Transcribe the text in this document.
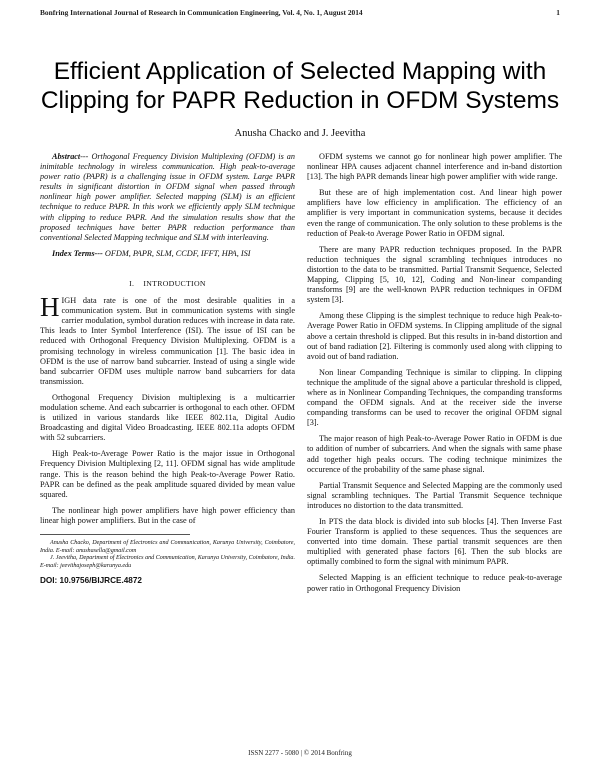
Bonfring International Journal of Research in Communication Engineering, Vol. 4, No. 1, August 2014	1
Efficient Application of Selected Mapping with
Clipping for PAPR Reduction in OFDM Systems
Anusha Chacko and J. Jeevitha

Abstract--- Orthogonal Frequency Division Multiplexing (OFDM) is an inimitable technology in wireless communication. High peak-to-average power ratio (PAPR) is a challenging issue in OFDM system. Large PAPR results in significant distortion in OFDM signal when passed through nonlinear high power amplifier. Selected mapping (SLM) is an efficient technique to reduce PAPR. In this work we efficiently apply SLM technique with clipping to reduce PAPR. And the simulation results show that the proposed techniques have better PAPR reduction performance than conventional Selected Mapping technique and SLM with interleaving.

Index Terms--- OFDM, PAPR, SLM, CCDF, IFFT, HPA, ISI

I. INTRODUCTION

HIGH data rate is one of the most desirable qualities in a communication system. But in communication systems with single carrier modulation, symbol duration reduces with increase in data rate. This leads to Inter Symbol Interference (ISI). The issue of ISI can be reduced with Orthogonal Frequency Division Multiplexing. OFDM is a promising technology in wireless communication [1]. The basic idea in OFDM is the use of narrow band subcarrier. Instead of using a single wide band subcarrier OFDM uses multiple narrow band subcarriers for data transmission.

Orthogonal Frequency Division multiplexing is a multicarrier modulation scheme. And each subcarrier is orthogonal to each other. OFDM is utilized in various standards like IEEE 802.11a, Digital Audio Broadcasting and digital Video Broadcasting. IEEE 802.11a adopts OFDM with 52 subcarriers.

High Peak-to-Average Power Ratio is the major issue in Orthogonal Frequency Division Multiplexing [2, 11]. OFDM signal has wide amplitude range. This is the reason behind the high Peak-to-Average Power Ratio. PAPR can be defined as the peak amplitude squared divided by mean value squared.

The nonlinear high power amplifiers have high power efficiency than linear high power amplifiers. But in the case of

Anusha Chacko, Department of Electronics and Communication, Karunya University, Coimbatore, India. E-mail: anushasella@gmail.com

J. Jeevitha, Department of Electronics and Communication, Karunya University, Coimbatore, India. E-mail: jeevithajoseph@karunya.edu

DOI: 10.9756/BIJRCE.4872

OFDM systems we cannot go for nonlinear high power amplifier. The nonlinear HPA causes adjacent channel interference and in-band distortion [13]. The high PAPR demands linear high power amplifier with wide range.

But these are of high implementation cost. And linear high power amplifiers have low efficiency in amplification. The efficiency of an amplifier is very important in communication systems, because it decides even the range of communication. The only solution to these problems is the reduction of Peak-to Average Power Ratio in OFDM signal.

There are many PAPR reduction techniques proposed. In the PAPR reduction techniques the signal scrambling techniques introduces no distortion to the data to be transmitted. Partial Transmit Sequence, Selected Mapping, Clipping [5, 10, 12], Coding and Non-linear companding transforms [9] are the well-known PAPR reduction techniques in OFDM system [3].

Among these Clipping is the simplest technique to reduce high Peak-to-Average Power Ratio in OFDM systems. In Clipping amplitude of the signal above a certain threshold is clipped. But this results in in-band distortion and out of band radiation [2]. Filtering is commonly used along with clipping to avoid out of band radiation.

Non linear Companding Technique is similar to clipping. In clipping technique the amplitude of the signal above a particular threshold is clipped, where as in Nonlinear Companding Techniques, the companding transforms compand the OFDM signals. And at the receiver side the inverse companding transforms can be used to recover the original OFDM signal [3].

The major reason of high Peak-to-Average Power Ratio in OFDM is due to addition of number of subcarriers. And when the signals with same phase add together high peaks occurs. The coding technique minimizes the occurence of the probability of the same phase signal.

Partial Transmit Sequence and Selected Mapping are the commonly used signal scrambling techniques. The Partial Transmit Sequence technique introduces no distortion to the data transmitted.

In PTS the data block is divided into sub blocks [4]. Then Inverse Fast Fourier Transform is applied to these sequences. Thus the sequences are converted into time domain. These partial transmit sequences are then multiplied with generated phase factors [6]. Then the sub blocks are optimally combined to form the signal with minimum PAPR.

Selected Mapping is an efficient technique to reduce peak-to-average power ratio in Orthogonal Frequency Division

ISSN 2277 - 5080 | © 2014 Bonfring
